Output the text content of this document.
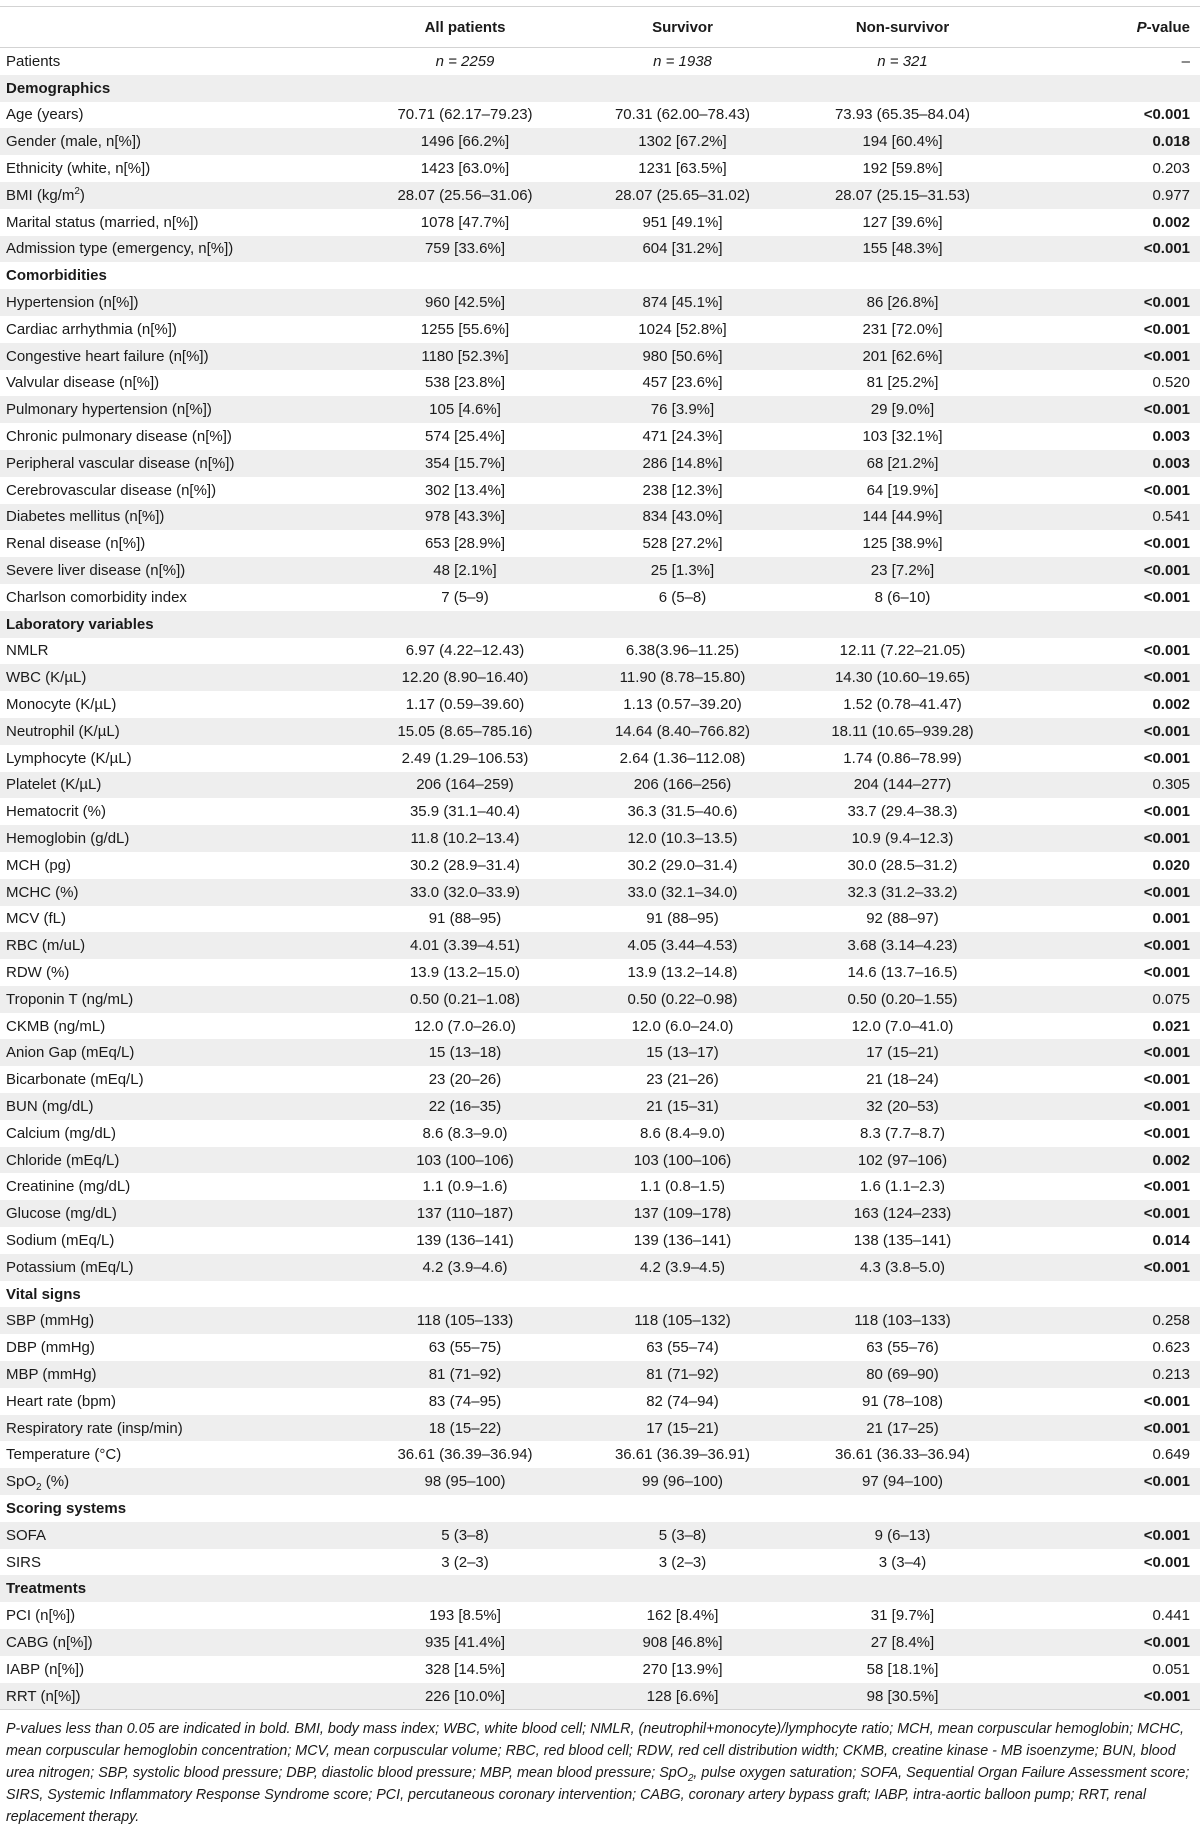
	All patients	Survivor	Non-survivor	P-value
Patients	n = 2259	n = 1938	n = 321	–
Demographics				
Age (years)	70.71 (62.17–79.23)	70.31 (62.00–78.43)	73.93 (65.35–84.04)	<0.001
Gender (male, n[%])	1496 [66.2%]	1302 [67.2%]	194 [60.4%]	0.018
Ethnicity (white, n[%])	1423 [63.0%]	1231 [63.5%]	192 [59.8%]	0.203
BMI $(kg/m^2)$	28.07 (25.56–31.06)	28.07 (25.65–31.02)	28.07 (25.15–31.53)	0.977
Marital status (married, n[%])	1078 [47.7%]	951 [49.1%]	127 [39.6%]	0.002
Admission type (emergency, n[%])	759 [33.6%]	604 [31.2%]	155 [48.3%]	<0.001
Comorbidities				
Hypertension (n[%])	960 [42.5%]	874 [45.1%]	86 [26.8%]	<0.001
Cardiac arrhythmia (n[%])	1255 [55.6%]	1024 [52.8%]	231 [72.0%]	<0.001
Congestive heart failure (n[%])	1180 [52.3%]	980 [50.6%]	201 [62.6%]	<0.001
Valvular disease (n[%])	538 [23.8%]	457 [23.6%]	81 [25.2%]	0.520
Pulmonary hypertension (n[%])	105 [4.6%]	76 [3.9%]	29 [9.0%]	<0.001
Chronic pulmonary disease (n[%])	574 [25.4%]	471 [24.3%]	103 [32.1%]	0.003
Peripheral vascular disease (n[%])	354 [15.7%]	286 [14.8%]	68 [21.2%]	0.003
Cerebrovascular disease (n[%])	302 [13.4%]	238 [12.3%]	64 [19.9%]	<0.001
Diabetes mellitus (n[%])	978 [43.3%]	834 [43.0%]	144 [44.9%]	0.541
Renal disease (n[%])	653 [28.9%]	528 [27.2%]	125 [38.9%]	<0.001
Severe liver disease (n[%])	48 [2.1%]	25 [1.3%]	23 [7.2%]	<0.001
Charlson comorbidity index	7 (5–9)	6 (5–8)	8 (6–10)	<0.001
Laboratory variables				
NMLR	6.97 (4.22–12.43)	6.38(3.96–11.25)	12.11 (7.22–21.05)	<0.001
WBC (K/µL)	12.20 (8.90–16.40)	11.90 (8.78–15.80)	14.30 (10.60–19.65)	<0.001
Monocyte (K/µL)	1.17 (0.59–39.60)	1.13 (0.57–39.20)	1.52 (0.78–41.47)	0.002
Neutrophil (K/µL)	15.05 (8.65–785.16)	14.64 (8.40–766.82)	18.11 (10.65–939.28)	<0.001
Lymphocyte (K/µL)	2.49 (1.29–106.53)	2.64 (1.36–112.08)	1.74 (0.86–78.99)	<0.001
Platelet (K/µL)	206 (164–259)	206 (166–256)	204 (144–277)	0.305
Hematocrit (%)	35.9 (31.1–40.4)	36.3 (31.5–40.6)	33.7 (29.4–38.3)	<0.001
Hemoglobin (g/dL)	11.8 (10.2–13.4)	12.0 (10.3–13.5)	10.9 (9.4–12.3)	<0.001
MCH (pg)	30.2 (28.9–31.4)	30.2 (29.0–31.4)	30.0 (28.5–31.2)	0.020
MCHC (%)	33.0 (32.0–33.9)	33.0 (32.1–34.0)	32.3 (31.2–33.2)	<0.001
MCV (fL)	91 (88–95)	91 (88–95)	92 (88–97)	0.001
RBC (m/uL)	4.01 (3.39–4.51)	4.05 (3.44–4.53)	3.68 (3.14–4.23)	<0.001
RDW (%)	13.9 (13.2–15.0)	13.9 (13.2–14.8)	14.6 (13.7–16.5)	<0.001
Troponin T (ng/mL)	0.50 (0.21–1.08)	0.50 (0.22–0.98)	0.50 (0.20–1.55)	0.075
CKMB (ng/mL)	12.0 (7.0–26.0)	12.0 (6.0–24.0)	12.0 (7.0–41.0)	0.021
Anion Gap (mEq/L)	15 (13–18)	15 (13–17)	17 (15–21)	<0.001
Bicarbonate (mEq/L)	23 (20–26)	23 (21–26)	21 (18–24)	<0.001
BUN (mg/dL)	22 (16–35)	21 (15–31)	32 (20–53)	<0.001
Calcium (mg/dL)	8.6 (8.3–9.0)	8.6 (8.4–9.0)	8.3 (7.7–8.7)	<0.001
Chloride (mEq/L)	103 (100–106)	103 (100–106)	102 (97–106)	0.002
Creatinine (mg/dL)	1.1 (0.9–1.6)	1.1 (0.8–1.5)	1.6 (1.1–2.3)	<0.001
Glucose (mg/dL)	137 (110–187)	137 (109–178)	163 (124–233)	<0.001
Sodium (mEq/L)	139 (136–141)	139 (136–141)	138 (135–141)	0.014
Potassium (mEq/L)	4.2 (3.9–4.6)	4.2 (3.9–4.5)	4.3 (3.8–5.0)	<0.001
Vital signs				
SBP (mmHg)	118 (105–133)	118 (105–132)	118 (103–133)	0.258
DBP (mmHg)	63 (55–75)	63 (55–74)	63 (55–76)	0.623
MBP (mmHg)	81 (71–92)	81 (71–92)	80 (69–90)	0.213
Heart rate (bpm)	83 (74–95)	82 (74–94)	91 (78–108)	<0.001
Respiratory rate (insp/min)	18 (15–22)	17 (15–21)	21 (17–25)	<0.001
Temperature (°C)	36.61 (36.39–36.94)	36.61 (36.39–36.91)	36.61 (36.33–36.94)	0.649
SpO$_2$ (%)	98 (95–100)	99 (96–100)	97 (94–100)	<0.001
Scoring systems				
SOFA	5 (3–8)	5 (3–8)	9 (6–13)	<0.001
SIRS	3 (2–3)	3 (2–3)	3 (3–4)	<0.001
Treatments				
PCI (n[%])	193 [8.5%]	162 [8.4%]	31 [9.7%]	0.441
CABG (n[%])	935 [41.4%]	908 [46.8%]	27 [8.4%]	<0.001
IABP (n[%])	328 [14.5%]	270 [13.9%]	58 [18.1%]	0.051
RRT (n[%])	226 [10.0%]	128 [6.6%]	98 [30.5%]	<0.001
P-values less than 0.05 are indicated in bold. BMI, body mass index; WBC, white blood cell; NMLR, (neutrophil+monocyte)/lymphocyte ratio; MCH, mean corpuscular hemoglobin; MCHC, mean corpuscular hemoglobin concentration; MCV, mean corpuscular volume; RBC, red blood cell; RDW, red cell distribution width; CKMB, creatine kinase - MB isoenzyme; BUN, blood urea nitrogen; SBP, systolic blood pressure; DBP, diastolic blood pressure; MBP, mean blood pressure; SpO$_2$, pulse oxygen saturation; SOFA, Sequential Organ Failure Assessment score; SIRS, Systemic Inflammatory Response Syndrome score; PCI, percutaneous coronary intervention; CABG, coronary artery bypass graft; IABP, intra-aortic balloon pump; RRT, renal replacement therapy.
